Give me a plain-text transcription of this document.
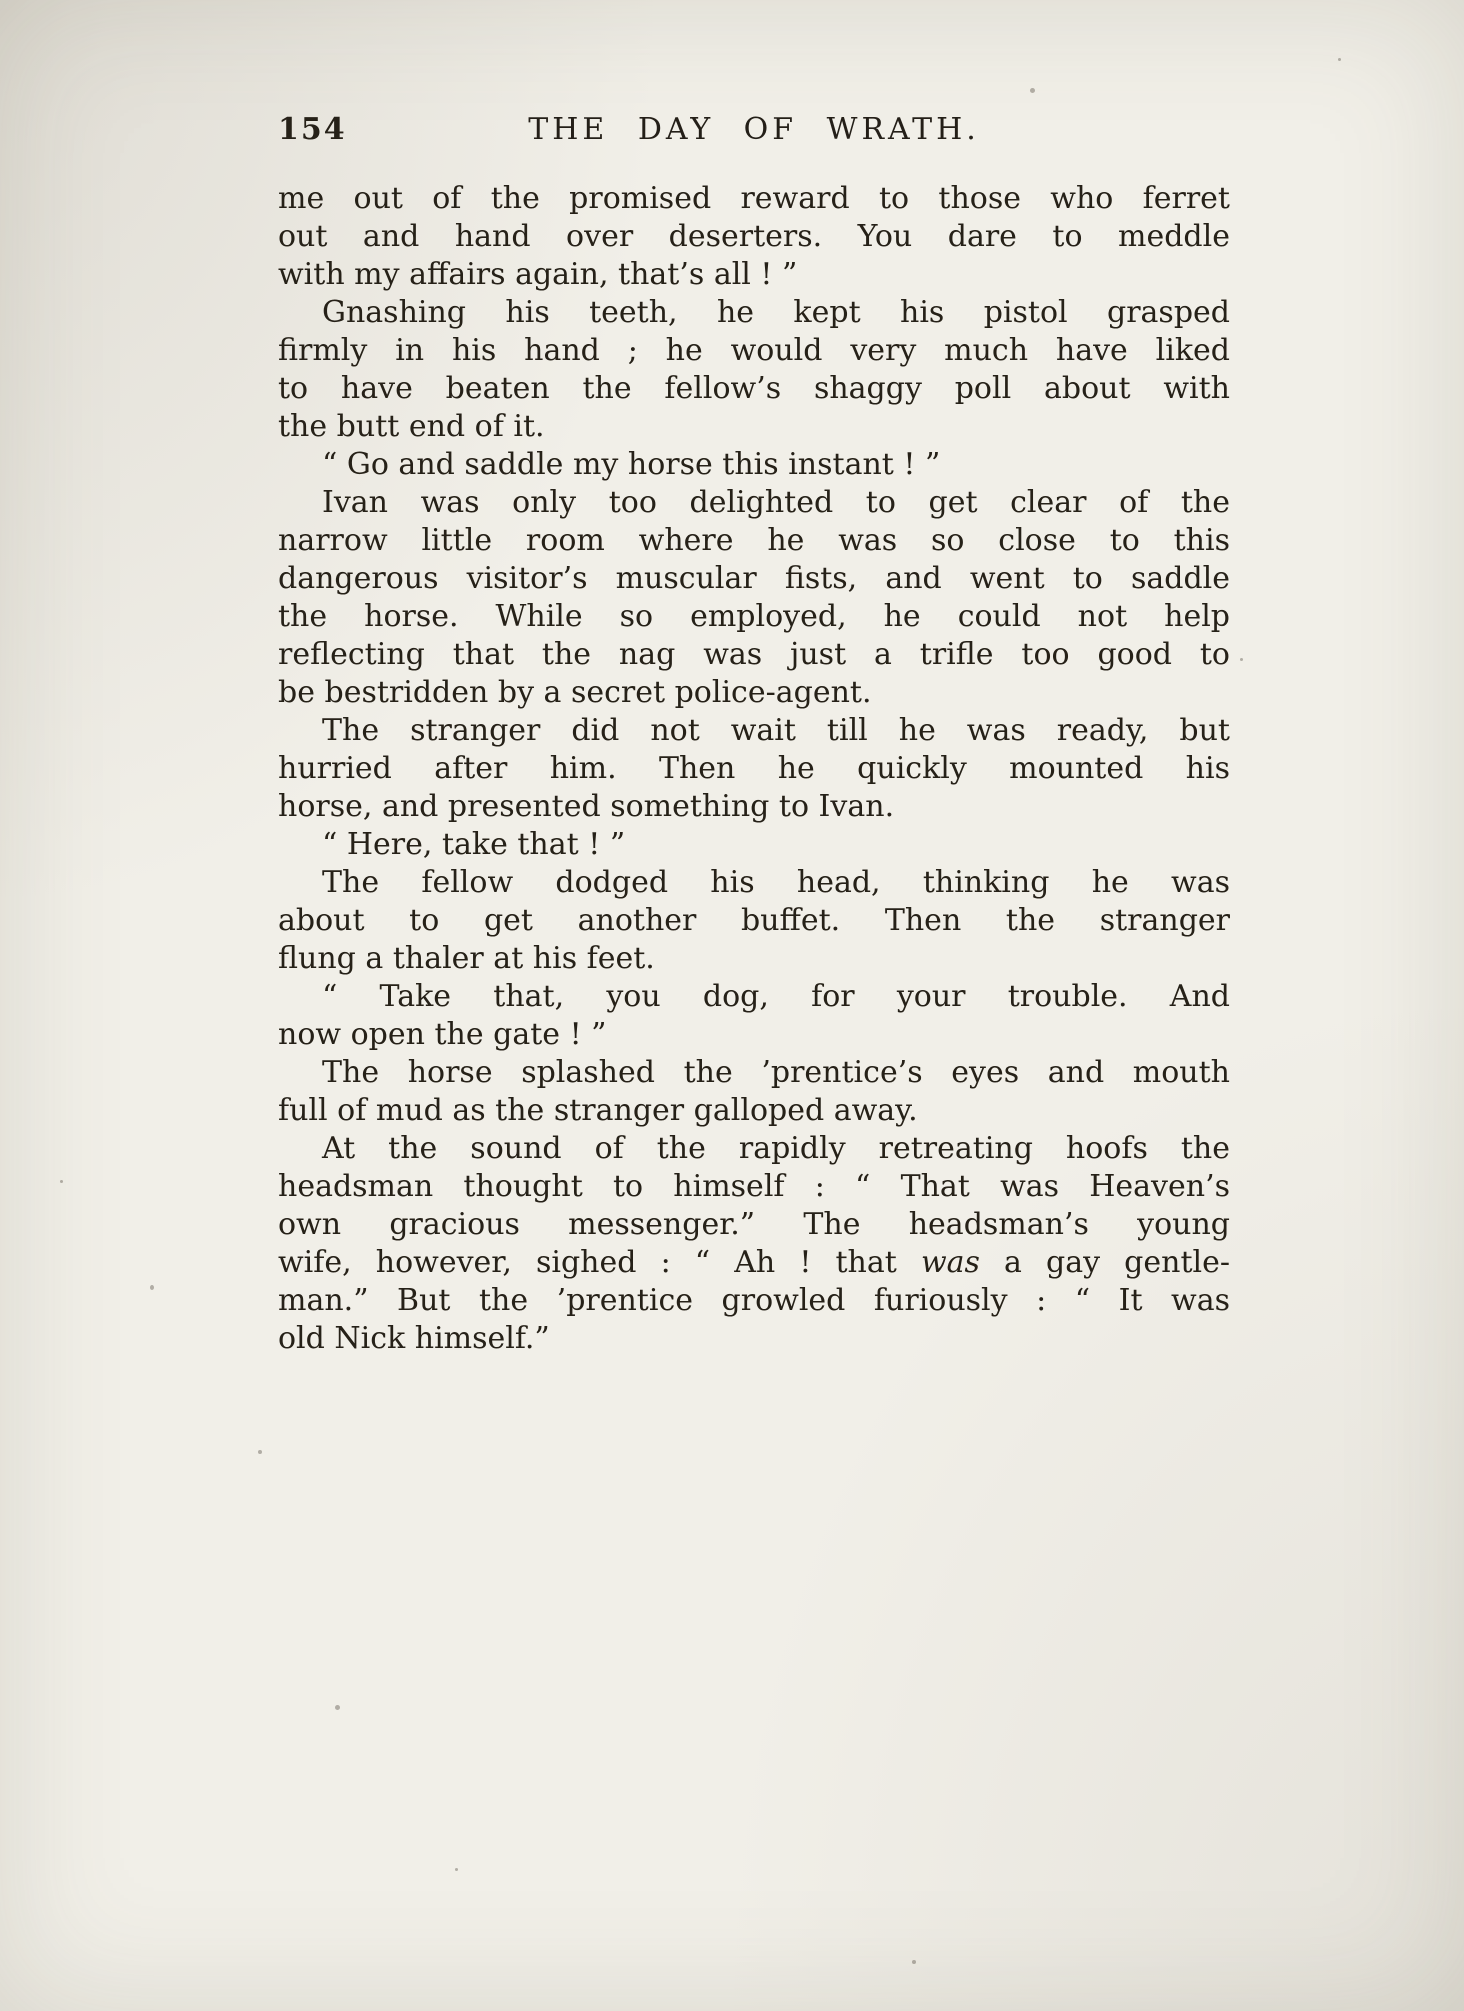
154	THE DAY OF WRATH.

me out of the promised reward to those who ferret
out and hand over deserters. You dare to meddle
with my affairs again, that’s all ! ”

Gnashing his teeth, he kept his pistol grasped
firmly in his hand ; he would very much have liked
to have beaten the fellow’s shaggy poll about with
the butt end of it.

“ Go and saddle my horse this instant ! ”

Ivan was only too delighted to get clear of the
narrow little room where he was so close to this
dangerous visitor’s muscular fists, and went to saddle
the horse. While so employed, he could not help
reflecting that the nag was just a trifle too good to
be bestridden by a secret police-agent.

The stranger did not wait till he was ready, but
hurried after him. Then he quickly mounted his
horse, and presented something to Ivan.

“ Here, take that ! ”

The fellow dodged his head, thinking he was
about to get another buffet. Then the stranger
flung a thaler at his feet.

“ Take that, you dog, for your trouble. And
now open the gate ! ”

The horse splashed the ’prentice’s eyes and mouth
full of mud as the stranger galloped away.

At the sound of the rapidly retreating hoofs the
headsman thought to himself : “ That was Heaven’s
own gracious messenger.” The headsman’s young
wife, however, sighed : “ Ah ! that was a gay gentle-
man.” But the ’prentice growled furiously : “ It was
old Nick himself.”
